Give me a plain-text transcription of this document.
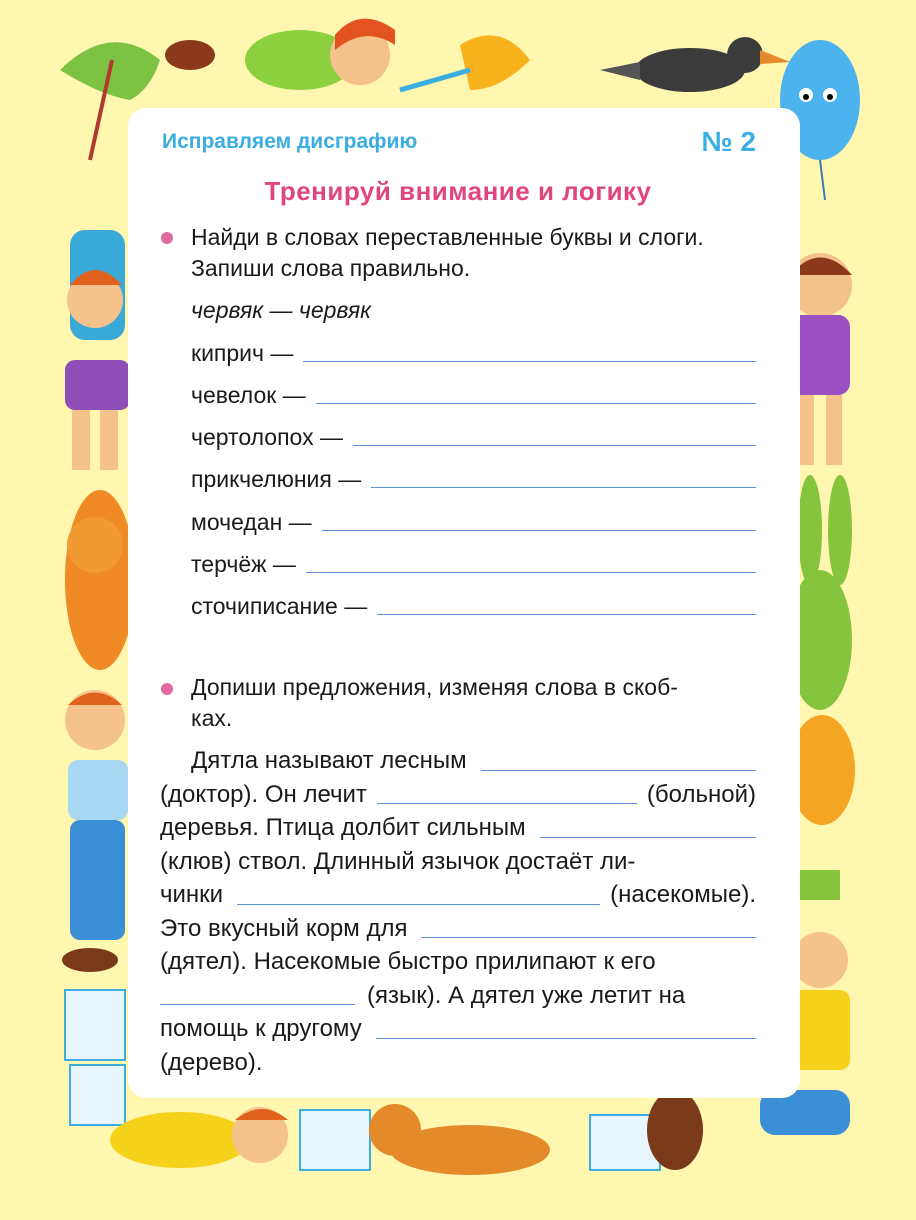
Исправляем дисграфию	№ 2
Тренируй внимание и логику
Найди в словах переставленные буквы и слоги.
Запиши слова правильно.
червяк — червяк
киприч —
чевелок —
чертолопох —
прикчелюния —
мочедан —
терчёж —
сточиписание —
Допиши предложения, изменяя слова в скоб-
ках.
Дятла называют лесным
(доктор). Он лечит	(больной)
деревья. Птица долбит сильным
(клюв) ствол. Длинный язычок достаёт ли-
чинки	(насекомые).
Это вкусный корм для
(дятел). Насекомые быстро прилипают к его
(язык). А дятел уже летит на
помощь к другому
(дерево).
